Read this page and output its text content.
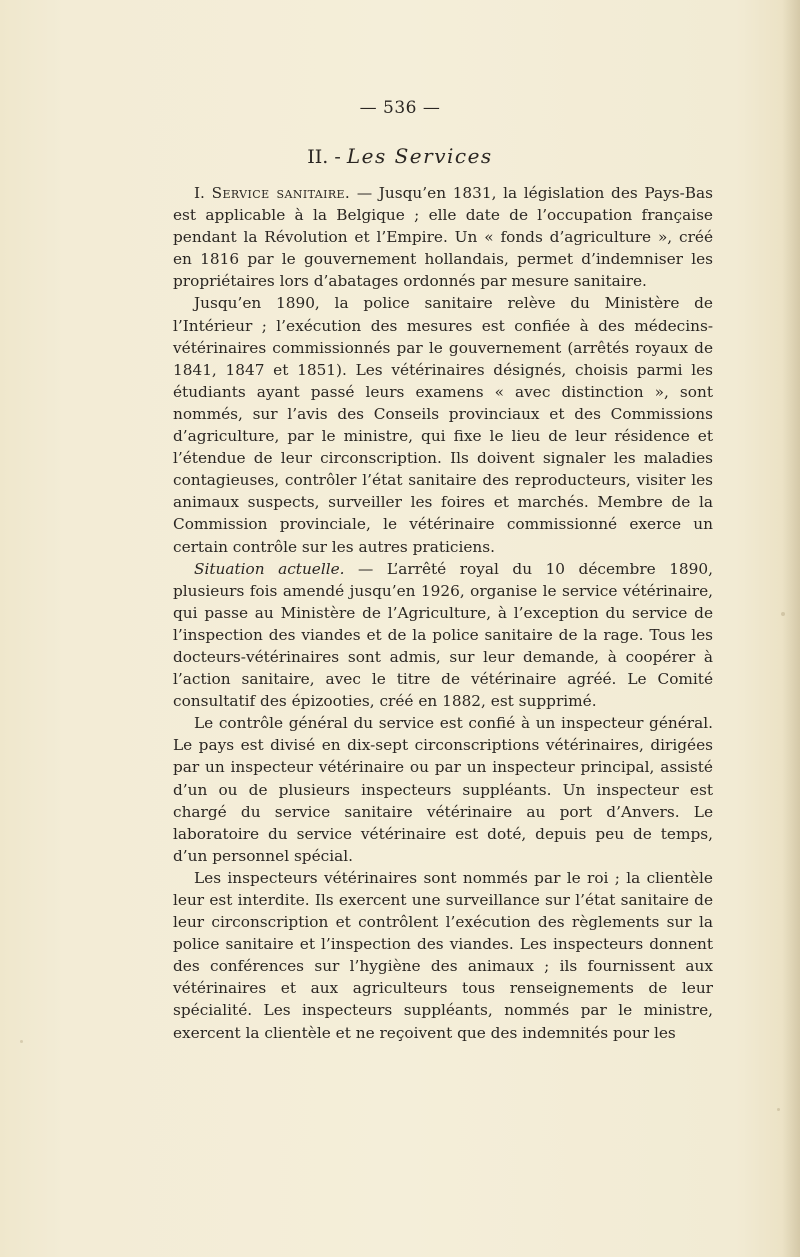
— 536 —
II. - Les Services

I. Service sanitaire. — Jusqu’en 1831, la législation des Pays-Bas est applicable à la Belgique ; elle date de l’occupation française pendant la Révolution et l’Empire. Un « fonds d’agriculture », créé en 1816 par le gouvernement hollandais, permet d’indemniser les propriétaires lors d’abatages ordonnés par mesure sanitaire.

Jusqu’en 1890, la police sanitaire relève du Ministère de l’Intérieur ; l’exécution des mesures est confiée à des médecins-vétérinaires commissionnés par le gouvernement (arrêtés royaux de 1841, 1847 et 1851). Les vétérinaires désignés, choisis parmi les étudiants ayant passé leurs examens « avec distinction », sont nommés, sur l’avis des Conseils provinciaux et des Commissions d’agriculture, par le ministre, qui fixe le lieu de leur résidence et l’étendue de leur circonscription. Ils doivent signaler les maladies contagieuses, contrôler l’état sanitaire des reproducteurs, visiter les animaux suspects, surveiller les foires et marchés. Membre de la Commission provinciale, le vétérinaire commissionné exerce un certain contrôle sur les autres praticiens.

Situation actuelle. — L’arrêté royal du 10 décembre 1890, plusieurs fois amendé jusqu’en 1926, organise le service vétérinaire, qui passe au Ministère de l’Agriculture, à l’exception du service de l’inspection des viandes et de la police sanitaire de la rage. Tous les docteurs-vétérinaires sont admis, sur leur demande, à coopérer à l’action sanitaire, avec le titre de vétérinaire agréé. Le Comité consultatif des épizooties, créé en 1882, est supprimé.

Le contrôle général du service est confié à un inspecteur général. Le pays est divisé en dix-sept circonscriptions vétérinaires, dirigées par un inspecteur vétérinaire ou par un inspecteur principal, assisté d’un ou de plusieurs inspecteurs suppléants. Un inspecteur est chargé du service sanitaire vétérinaire au port d’Anvers. Le laboratoire du service vétérinaire est doté, depuis peu de temps, d’un personnel spécial.

Les inspecteurs vétérinaires sont nommés par le roi ; la clientèle leur est interdite. Ils exercent une surveillance sur l’état sanitaire de leur circonscription et contrôlent l’exécution des règlements sur la police sanitaire et l’inspection des viandes. Les inspecteurs donnent des conférences sur l’hygiène des animaux ; ils fournissent aux vétérinaires et aux agriculteurs tous renseignements de leur spécialité. Les inspecteurs suppléants, nommés par le ministre, exercent la clientèle et ne reçoivent que des indemnités pour les
